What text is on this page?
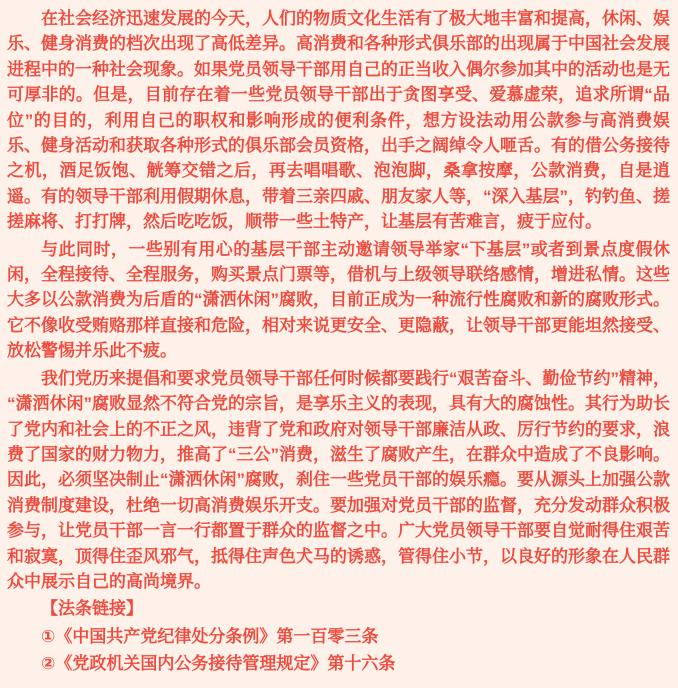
在社会经济迅速发展的今天，人们的物质文化生活有了极大地丰富和提高，休闲、娱乐、健身消费的档次出现了高低差异。高消费和各种形式俱乐部的出现属于中国社会发展进程中的一种社会现象。如果党员领导干部用自己的正当收入偶尔参加其中的活动也是无可厚非的。但是，目前存在着一些党员领导干部出于贪图享受、爱慕虚荣，追求所谓“品位”的目的，利用自己的职权和影响形成的便利条件，想方设法动用公款参与高消费娱乐、健身活动和获取各种形式的俱乐部会员资格，出手之阔绰令人咂舌。有的借公务接待之机，酒足饭饱、觥筹交错之后，再去唱唱歌、泡泡脚，桑拿按摩，公款消费，自是逍遥。有的领导干部利用假期休息，带着三亲四戚、朋友家人等，“深入基层”，钓钓鱼、搓搓麻将、打打牌，然后吃吃饭，顺带一些土特产，让基层有苦难言，疲于应付。

与此同时，一些别有用心的基层干部主动邀请领导举家“下基层”或者到景点度假休闲，全程接待、全程服务，购买景点门票等，借机与上级领导联络感情，增进私情。这些大多以公款消费为后盾的“潇洒休闲”腐败，目前正成为一种流行性腐败和新的腐败形式。它不像收受贿赂那样直接和危险，相对来说更安全、更隐蔽，让领导干部更能坦然接受、放松警惕并乐此不疲。

我们党历来提倡和要求党员领导干部任何时候都要践行“艰苦奋斗、勤俭节约”精神，“潇洒休闲”腐败显然不符合党的宗旨，是享乐主义的表现，具有大的腐蚀性。其行为助长了党内和社会上的不正之风，违背了党和政府对领导干部廉洁从政、厉行节约的要求，浪费了国家的财力物力，推高了“三公”消费，滋生了腐败产生，在群众中造成了不良影响。因此，必须坚决制止“潇洒休闲”腐败，刹住一些党员干部的娱乐瘾。要从源头上加强公款消费制度建设，杜绝一切高消费娱乐开支。要加强对党员干部的监督，充分发动群众积极参与，让党员干部一言一行都置于群众的监督之中。广大党员领导干部要自觉耐得住艰苦和寂寞，顶得住歪风邪气，抵得住声色犬马的诱惑，管得住小节，以良好的形象在人民群众中展示自己的高尚境界。

【法条链接】
①《中国共产党纪律处分条例》第一百零三条
②《党政机关国内公务接待管理规定》第十六条
